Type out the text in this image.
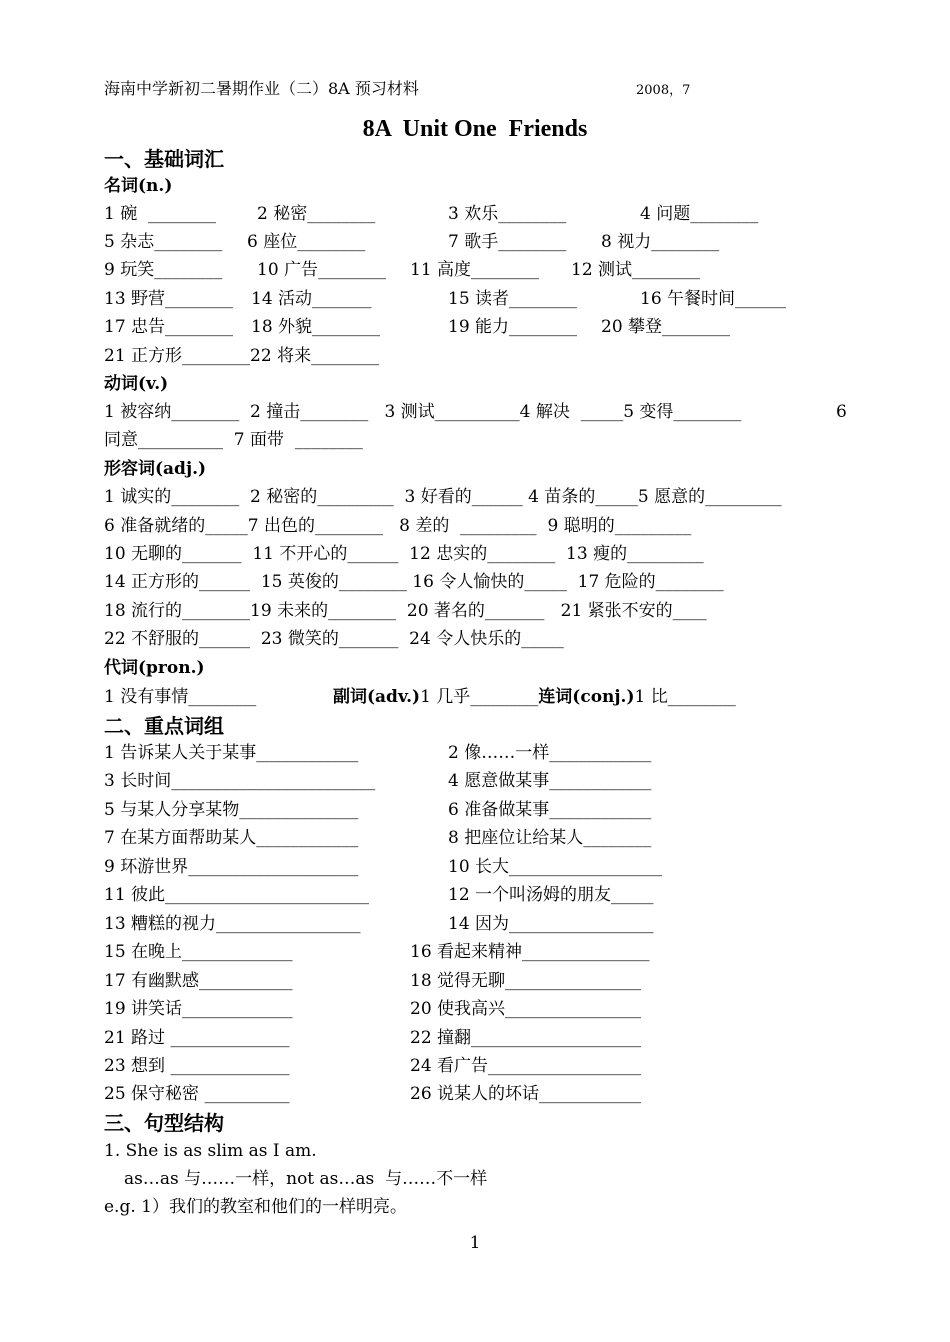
海南中学新初二暑期作业（二）8A 预习材料	2008，7
8A  Unit One  Friends
一、基础词汇
名词(n.)
1 碗  ________ 2 秘密________	3 欢乐________	4 问题________
5 杂志________ 6 座位________	7 歌手________ 8 视力________
9 玩笑________ 10 广告________ 11 高度________ 12 测试________
13 野营________ 14 活动_______	15 读者________	16 午餐时间______
17 忠告________ 18 外貌________	19 能力________ 20 攀登________
21 正方形________22 将来________
动词(v.)
1 被容纳________  2 撞击________   3 测试__________4 解决  _____5 变得________	6
同意__________  7 面带  ________
形容词(adj.)
1 诚实的________  2 秘密的_________  3 好看的______ 4 苗条的_____5 愿意的_________
6 准备就绪的_____7 出色的________   8 差的  _________  9 聪明的_________
10 无聊的_______  11 不开心的______  12 忠实的________  13 瘦的_________
14 正方形的______  15 英俊的________ 16 令人愉快的_____  17 危险的________
18 流行的________19 未来的________  20 著名的_______   21 紧张不安的____
22 不舒服的______  23 微笑的_______  24 令人快乐的_____
代词(pron.)
1 没有事情________	副词(adv.)1 几乎________连词(conj.)1 比________
二、重点词组
1 告诉某人关于某事____________	2 像……一样____________
3 长时间________________________	4 愿意做某事____________
5 与某人分享某物______________	6 准备做某事____________
7 在某方面帮助某人____________	8 把座位让给某人________
9 环游世界____________________	10 长大__________________
11 彼此________________________	12 一个叫汤姆的朋友_____
13 糟糕的视力_________________	14 因为_________________
15 在晚上_____________	16 看起来精神_______________
17 有幽默感___________	18 觉得无聊________________
19 讲笑话_____________	20 使我高兴________________
21 路过 ______________	22 撞翻____________________
23 想到 ______________	24 看广告__________________
25 保守秘密 __________	26 说某人的坏话____________
三、句型结构
1. She is as slim as I am.
as…as 与……一样，not as…as  与……不一样
e.g. 1）我们的教室和他们的一样明亮。
1
